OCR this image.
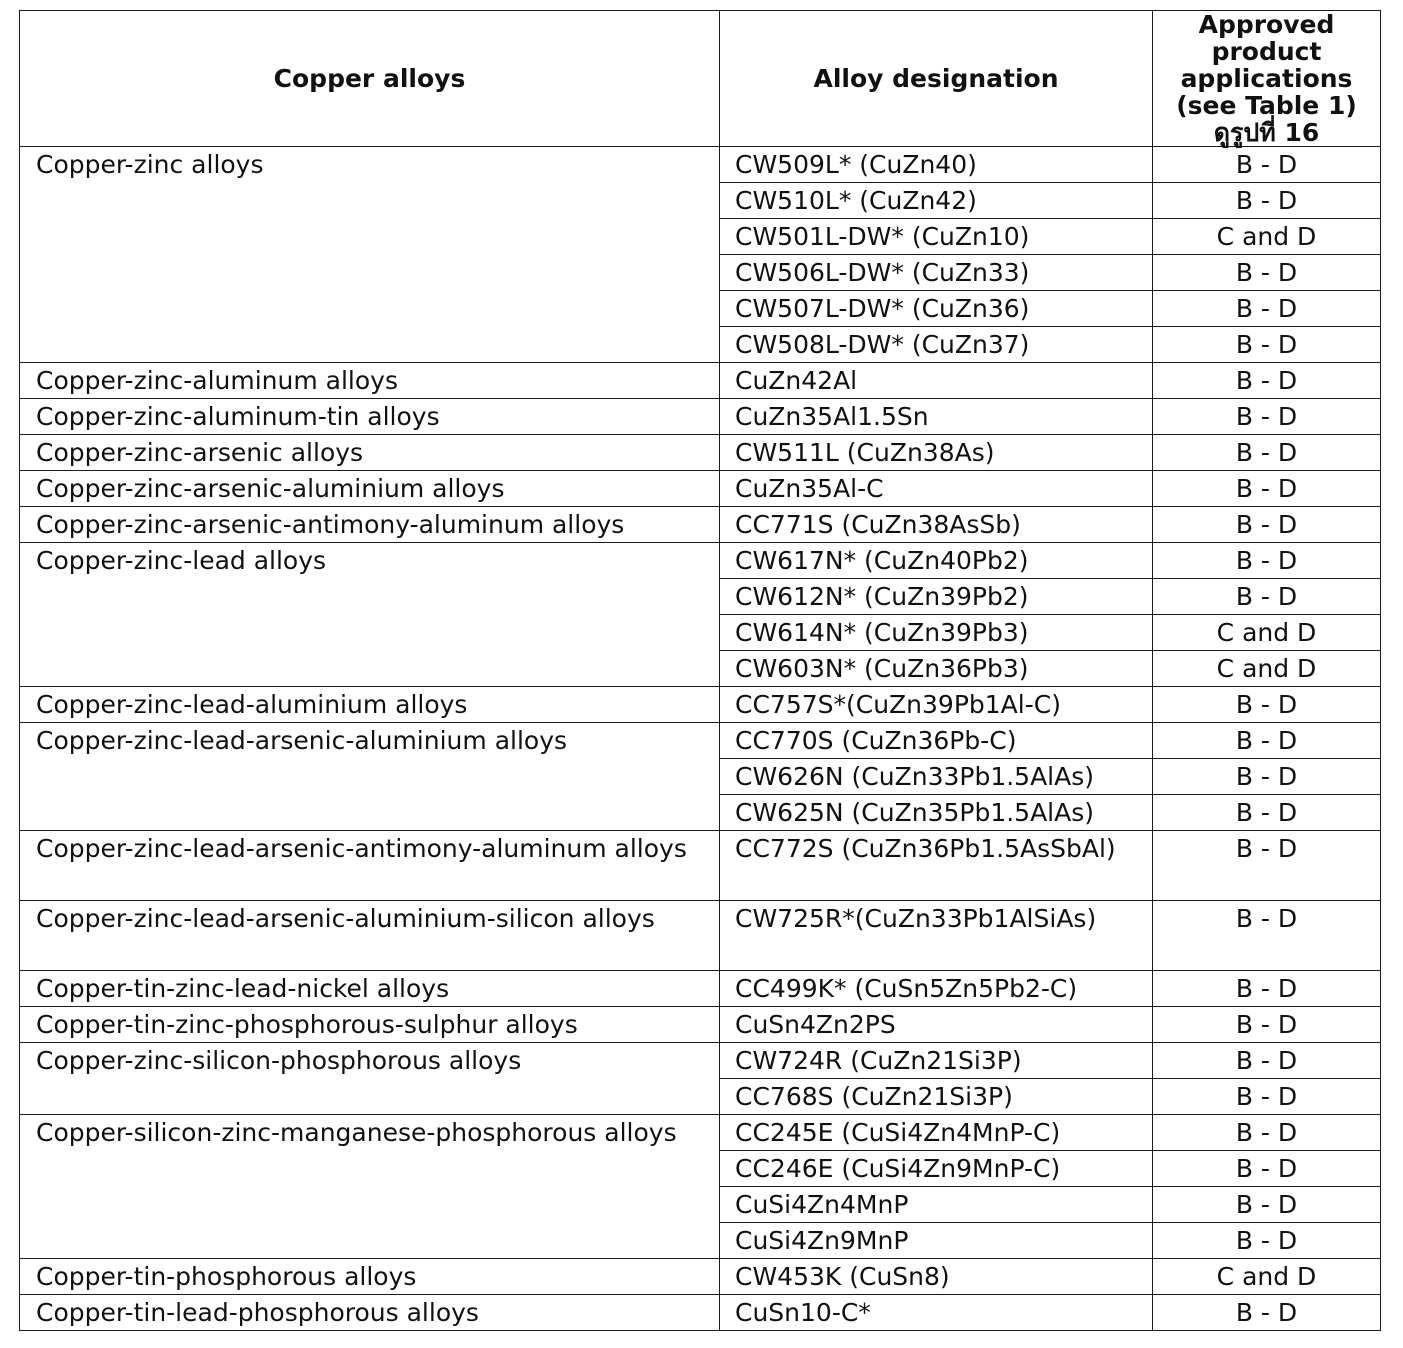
Copper alloys	Alloy designation	Approved product
applications
(see Table 1)
ดูรูปที่ 16

Copper-zinc alloys	CW509L* (CuZn40)	B - D
	CW510L* (CuZn42)	B - D
	CW501L-DW* (CuZn10)	C and D
	CW506L-DW* (CuZn33)	B - D
	CW507L-DW* (CuZn36)	B - D
	CW508L-DW* (CuZn37)	B - D
Copper-zinc-aluminum alloys	CuZn42Al	B - D
Copper-zinc-aluminum-tin alloys	CuZn35Al1.5Sn	B - D
Copper-zinc-arsenic alloys	CW511L (CuZn38As)	B - D
Copper-zinc-arsenic-aluminium alloys	CuZn35Al-C	B - D
Copper-zinc-arsenic-antimony-aluminum alloys	CC771S (CuZn38AsSb)	B - D
Copper-zinc-lead alloys	CW617N* (CuZn40Pb2)	B - D
	CW612N* (CuZn39Pb2)	B - D
	CW614N* (CuZn39Pb3)	C and D
	CW603N* (CuZn36Pb3)	C and D
Copper-zinc-lead-aluminium alloys	CC757S*(CuZn39Pb1Al-C)	B - D
Copper-zinc-lead-arsenic-aluminium alloys	CC770S (CuZn36Pb-C)	B - D
	CW626N (CuZn33Pb1.5AlAs)	B - D
	CW625N (CuZn35Pb1.5AlAs)	B - D
Copper-zinc-lead-arsenic-antimony-aluminum alloys	CC772S (CuZn36Pb1.5AsSbAl)	B - D
Copper-zinc-lead-arsenic-aluminium-silicon alloys	CW725R*(CuZn33Pb1AlSiAs)	B - D
Copper-tin-zinc-lead-nickel alloys	CC499K* (CuSn5Zn5Pb2-C)	B - D
Copper-tin-zinc-phosphorous-sulphur alloys	CuSn4Zn2PS	B - D
Copper-zinc-silicon-phosphorous alloys	CW724R (CuZn21Si3P)	B - D
	CC768S (CuZn21Si3P)	B - D
Copper-silicon-zinc-manganese-phosphorous alloys	CC245E (CuSi4Zn4MnP-C)	B - D
	CC246E (CuSi4Zn9MnP-C)	B - D
	CuSi4Zn4MnP	B - D
	CuSi4Zn9MnP	B - D
Copper-tin-phosphorous alloys	CW453K (CuSn8)	C and D
Copper-tin-lead-phosphorous alloys	CuSn10-C*	B - D
